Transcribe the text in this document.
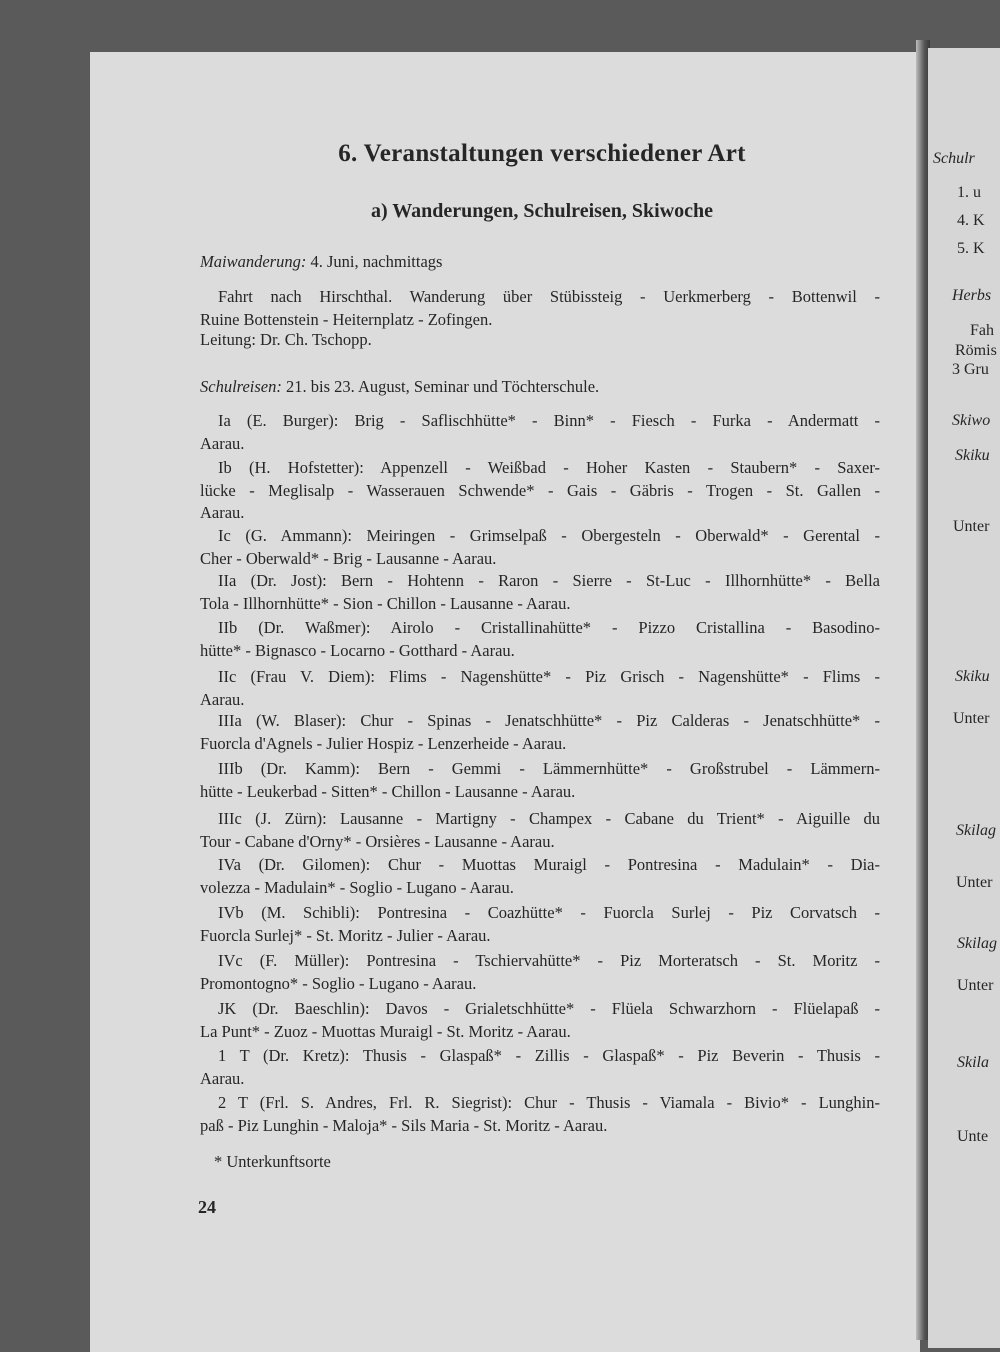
6. Veranstaltungen verschiedener Art
a) Wanderungen, Schulreisen, Skiwoche
Maiwanderung: 4. Juni, nachmittags
Fahrt nach Hirschthal. Wanderung über Stübissteig - Uerkmerberg - Bottenwil -
Ruine Bottenstein - Heiternplatz - Zofingen.
Leitung: Dr. Ch. Tschopp.
Schulreisen: 21. bis 23. August, Seminar und Töchterschule.
Ia (E. Burger): Brig - Saflischhütte* - Binn* - Fiesch - Furka - Andermatt -
Aarau.
Ib (H. Hofstetter): Appenzell - Weißbad - Hoher Kasten - Staubern* - Saxer-
lücke - Meglisalp - Wasserauen Schwende* - Gais - Gäbris - Trogen - St. Gallen -
Aarau.
Ic (G. Ammann): Meiringen - Grimselpaß - Obergesteln - Oberwald* - Gerental -
Cher - Oberwald* - Brig - Lausanne - Aarau.
IIa (Dr. Jost): Bern - Hohtenn - Raron - Sierre - St-Luc - Illhornhütte* - Bella
Tola - Illhornhütte* - Sion - Chillon - Lausanne - Aarau.
IIb (Dr. Waßmer): Airolo - Cristallinahütte* - Pizzo Cristallina - Basodino-
hütte* - Bignasco - Locarno - Gotthard - Aarau.
IIc (Frau V. Diem): Flims - Nagenshütte* - Piz Grisch - Nagenshütte* - Flims -
Aarau.
IIIa (W. Blaser): Chur - Spinas - Jenatschhütte* - Piz Calderas - Jenatschhütte* -
Fuorcla d'Agnels - Julier Hospiz - Lenzerheide - Aarau.
IIIb (Dr. Kamm): Bern - Gemmi - Lämmernhütte* - Großstrubel - Lämmern-
hütte - Leukerbad - Sitten* - Chillon - Lausanne - Aarau.
IIIc (J. Zürn): Lausanne - Martigny - Champex - Cabane du Trient* - Aiguille du
Tour - Cabane d'Orny* - Orsières - Lausanne - Aarau.
IVa (Dr. Gilomen): Chur - Muottas Muraigl - Pontresina - Madulain* - Dia-
volezza - Madulain* - Soglio - Lugano - Aarau.
IVb (M. Schibli): Pontresina - Coazhütte* - Fuorcla Surlej - Piz Corvatsch -
Fuorcla Surlej* - St. Moritz - Julier - Aarau.
IVc (F. Müller): Pontresina - Tschiervahütte* - Piz Morteratsch - St. Moritz -
Promontogno* - Soglio - Lugano - Aarau.
JK (Dr. Baeschlin): Davos - Grialetschhütte* - Flüela Schwarzhorn - Flüelapaß -
La Punt* - Zuoz - Muottas Muraigl - St. Moritz - Aarau.
1 T (Dr. Kretz): Thusis - Glaspaß* - Zillis - Glaspaß* - Piz Beverin - Thusis -
Aarau.
2 T (Frl. S. Andres, Frl. R. Siegrist): Chur - Thusis - Viamala - Bivio* - Lunghin-
paß - Piz Lunghin - Maloja* - Sils Maria - St. Moritz - Aarau.
* Unterkunftsorte
24
Schulr
1. u
4. K
5. K
Herbs
Fah
Römis
3 Gru
Skiwo
Skiku
Unter
Skiku
Unter
Skilag
Unter
Skilag
Unter
Skila
Unte
